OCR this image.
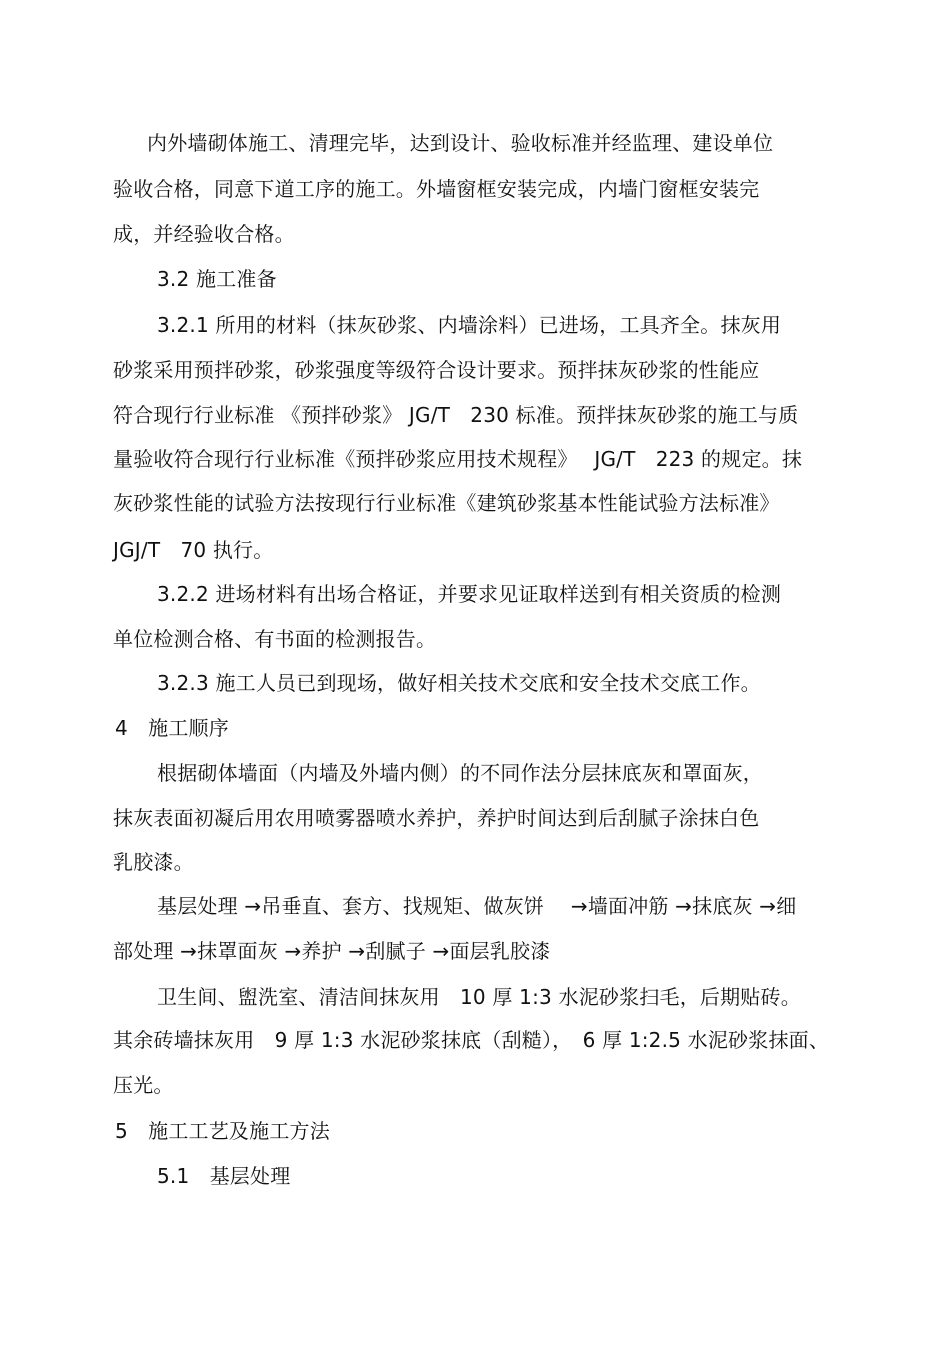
内外墙砌体施工、清理完毕，达到设计、验收标准并经监理、建设单位
验收合格，同意下道工序的施工。外墙窗框安装完成，内墙门窗框安装完
成，并经验收合格。
3.2 施工准备
3.2.1 所用的材料（抹灰砂浆、内墙涂料）已进场，工具齐全。抹灰用
砂浆采用预拌砂浆，砂浆强度等级符合设计要求。预拌抹灰砂浆的性能应
符合现行行业标准 《预拌砂浆》 JG/T　230 标准。预拌抹灰砂浆的施工与质
量验收符合现行行业标准《预拌砂浆应用技术规程》　 JG/T　223 的规定。抹
灰砂浆性能的试验方法按现行行业标准《建筑砂浆基本性能试验方法标准》
JGJ/T　70 执行。
3.2.2 进场材料有出场合格证，并要求见证取样送到有相关资质的检测
单位检测合格、有书面的检测报告。
3.2.3 施工人员已到现场，做好相关技术交底和安全技术交底工作。
4　施工顺序
根据砌体墙面（内墙及外墙内侧）的不同作法分层抹底灰和罩面灰，
抹灰表面初凝后用农用喷雾器喷水养护，养护时间达到后刮腻子涂抹白色
乳胶漆。
基层处理 →吊垂直、套方、找规矩、做灰饼　 →墙面冲筋 →抹底灰 →细
部处理 →抹罩面灰 →养护 →刮腻子 →面层乳胶漆
卫生间、盥洗室、清洁间抹灰用　10 厚 1:3 水泥砂浆扫毛，后期贴砖。
其余砖墙抹灰用　9 厚 1:3 水泥砂浆抹底（刮糙），　6 厚 1:2.5 水泥砂浆抹面、
压光。
5　施工工艺及施工方法
5.1　基层处理
